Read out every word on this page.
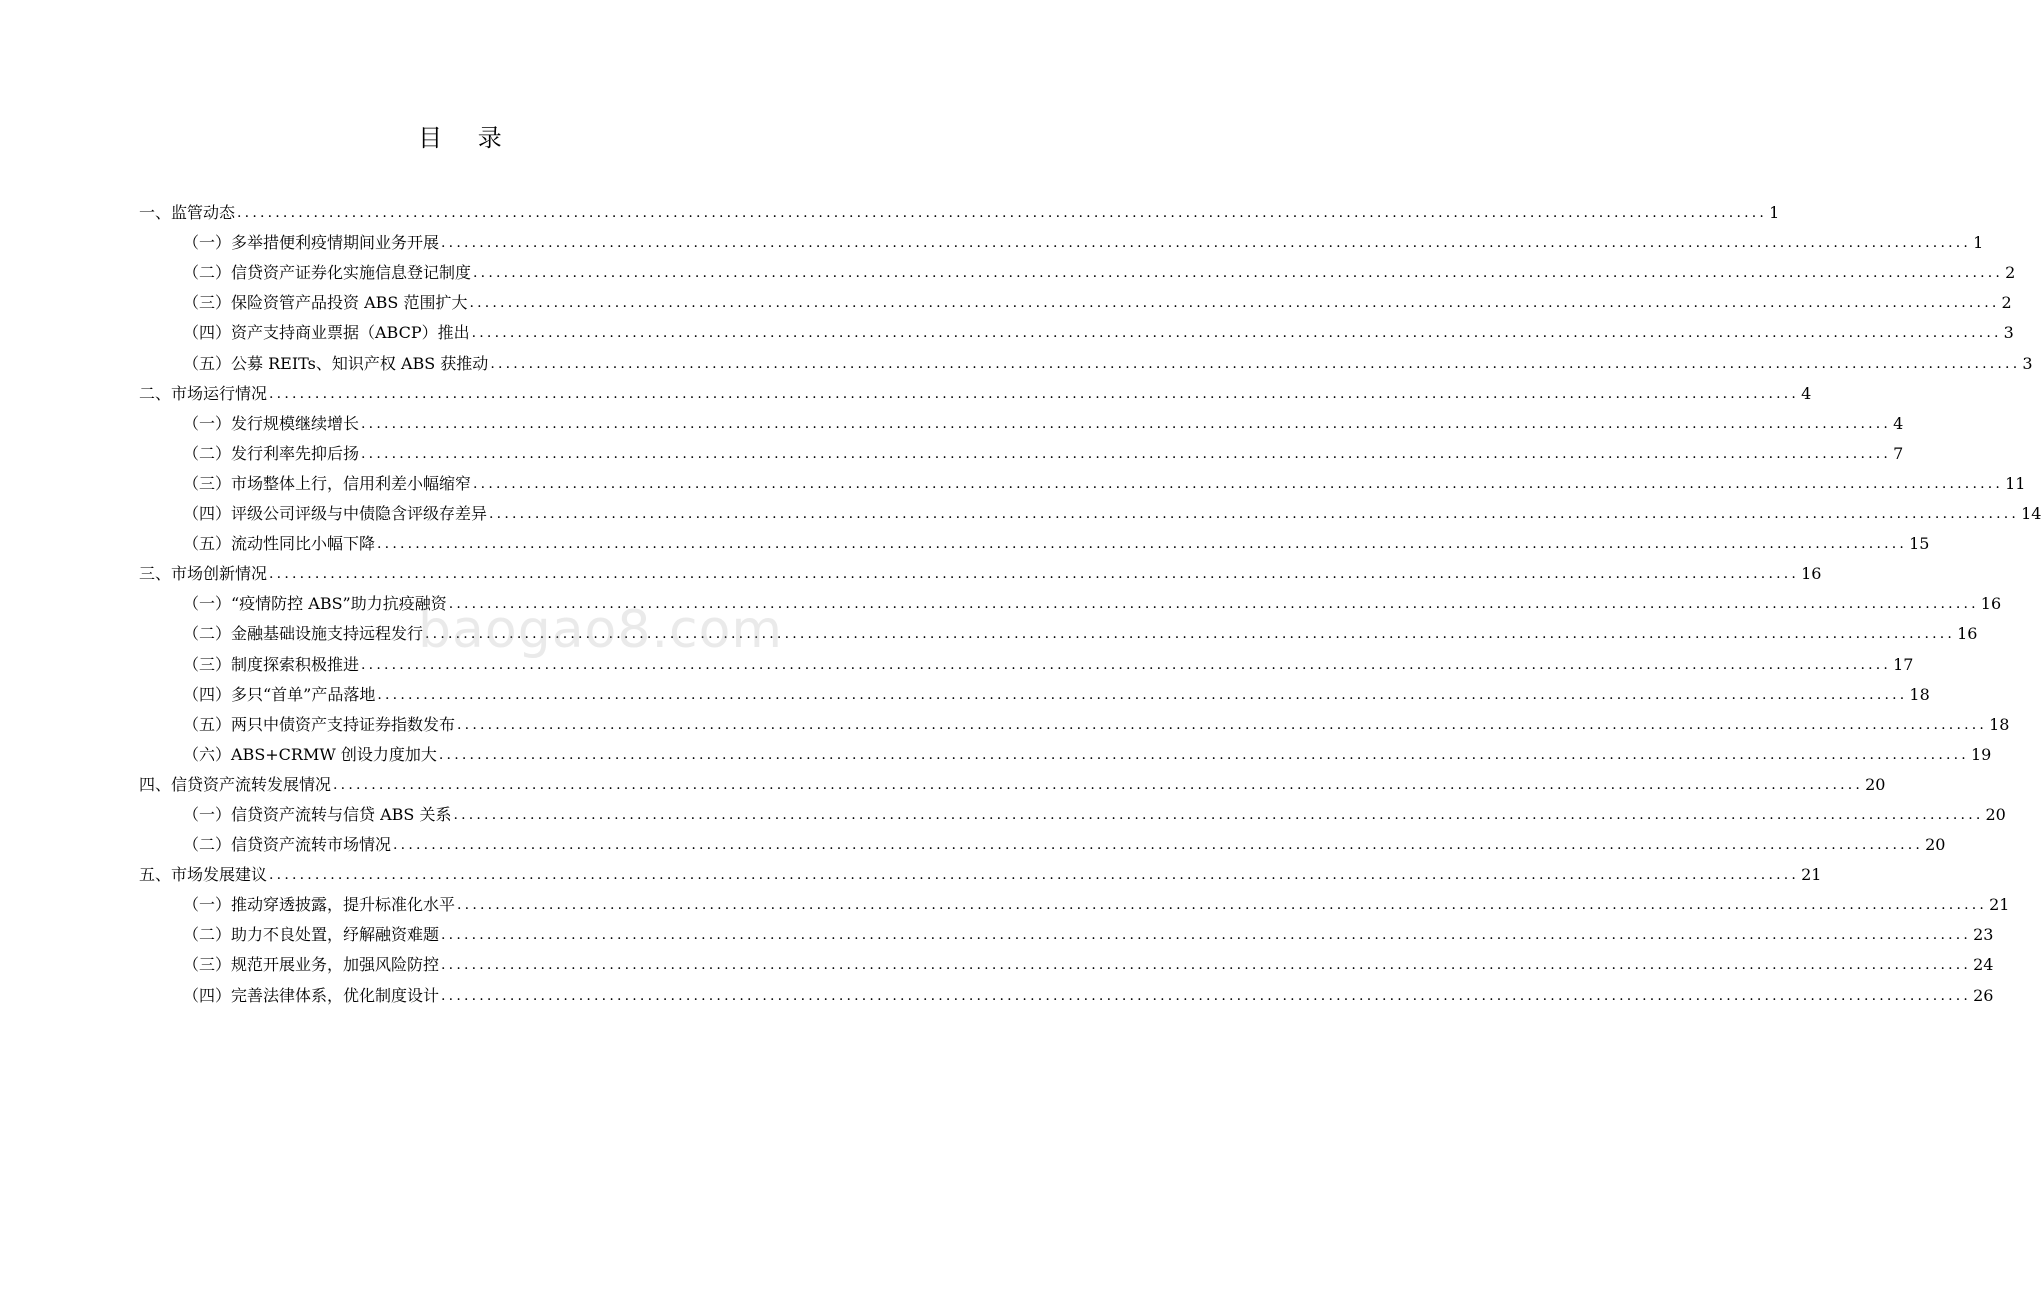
目 录
一、监管动态 ........................................................................................................................................................................................................ 1
（一）多举措便利疫情期间业务开展 ........................................................................................................................................................................................................ 1
（二）信贷资产证券化实施信息登记制度 ........................................................................................................................................................................................................ 2
（三）保险资管产品投资 ABS 范围扩大 ........................................................................................................................................................................................................ 2
（四）资产支持商业票据（ABCP）推出 ........................................................................................................................................................................................................ 3
（五）公募 REITs、知识产权 ABS 获推动 ........................................................................................................................................................................................................ 3
二、市场运行情况 ........................................................................................................................................................................................................ 4
（一）发行规模继续增长 ........................................................................................................................................................................................................ 4
（二）发行利率先抑后扬 ........................................................................................................................................................................................................ 7
（三）市场整体上行，信用利差小幅缩窄 ........................................................................................................................................................................................................ 11
（四）评级公司评级与中债隐含评级存差异 ........................................................................................................................................................................................................ 14
（五）流动性同比小幅下降 ........................................................................................................................................................................................................ 15
三、市场创新情况 ........................................................................................................................................................................................................ 16
（一）“疫情防控 ABS”助力抗疫融资 ........................................................................................................................................................................................................ 16
（二）金融基础设施支持远程发行 ........................................................................................................................................................................................................ 16
（三）制度探索积极推进 ........................................................................................................................................................................................................ 17
（四）多只“首单”产品落地 ........................................................................................................................................................................................................ 18
（五）两只中债资产支持证券指数发布 ........................................................................................................................................................................................................ 18
（六）ABS+CRMW 创设力度加大 ........................................................................................................................................................................................................ 19
四、信贷资产流转发展情况 ........................................................................................................................................................................................................ 20
（一）信贷资产流转与信贷 ABS 关系 ........................................................................................................................................................................................................ 20
（二）信贷资产流转市场情况 ........................................................................................................................................................................................................ 20
五、市场发展建议 ........................................................................................................................................................................................................ 21
（一）推动穿透披露，提升标准化水平 ........................................................................................................................................................................................................ 21
（二）助力不良处置，纾解融资难题 ........................................................................................................................................................................................................ 23
（三）规范开展业务，加强风险防控 ........................................................................................................................................................................................................ 24
（四）完善法律体系，优化制度设计 ........................................................................................................................................................................................................ 26
baogao8.com
